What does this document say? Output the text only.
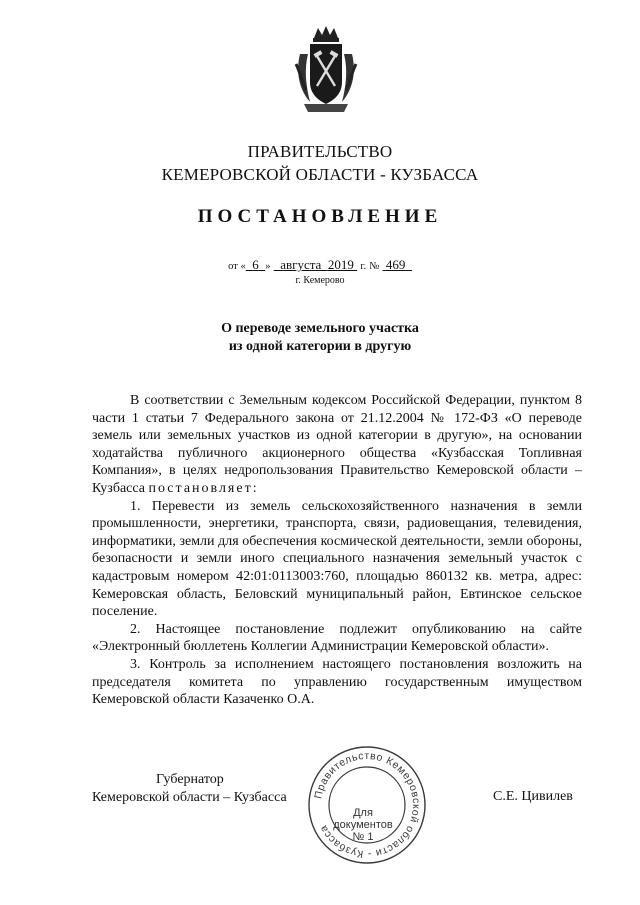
ПРАВИТЕЛЬСТВО
КЕМЕРОВСКОЙ ОБЛАСТИ - КУЗБАССА
ПОСТАНОВЛЕНИЕ
от « 6 » августа 2019 г. № 469
г. Кемерово
О переводе земельного участка
из одной категории в другую

В соответствии с Земельным кодексом Российской Федерации, пунктом 8 части 1 статьи 7 Федерального закона от 21.12.2004 № 172-ФЗ «О переводе земель или земельных участков из одной категории в другую», на основании ходатайства публичного акционерного общества «Кузбасская Топливная Компания», в целях недропользования Правительство Кемеровской области – Кузбасса постановляет:

1. Перевести из земель сельскохозяйственного назначения в земли промышленности, энергетики, транспорта, связи, радиовещания, телевидения, информатики, земли для обеспечения космической деятельности, земли обороны, безопасности и земли иного специального назначения земельный участок с кадастровым номером 42:01:0113003:760, площадью 860132 кв. метра, адрес: Кемеровская область, Беловский муниципальный район, Евтинское сельское поселение.

2. Настоящее постановление подлежит опубликованию на сайте «Электронный бюллетень Коллегии Администрации Кемеровской области».

3. Контроль за исполнением настоящего постановления возложить на председателя комитета по управлению государственным имуществом Кемеровской области Казаченко О.А.

Губернатор
Кемеровской области – Кузбасса	Правительство Кемеровской области - Кузбасса
Для
документов
№ 1
С.Е. Цивилев
